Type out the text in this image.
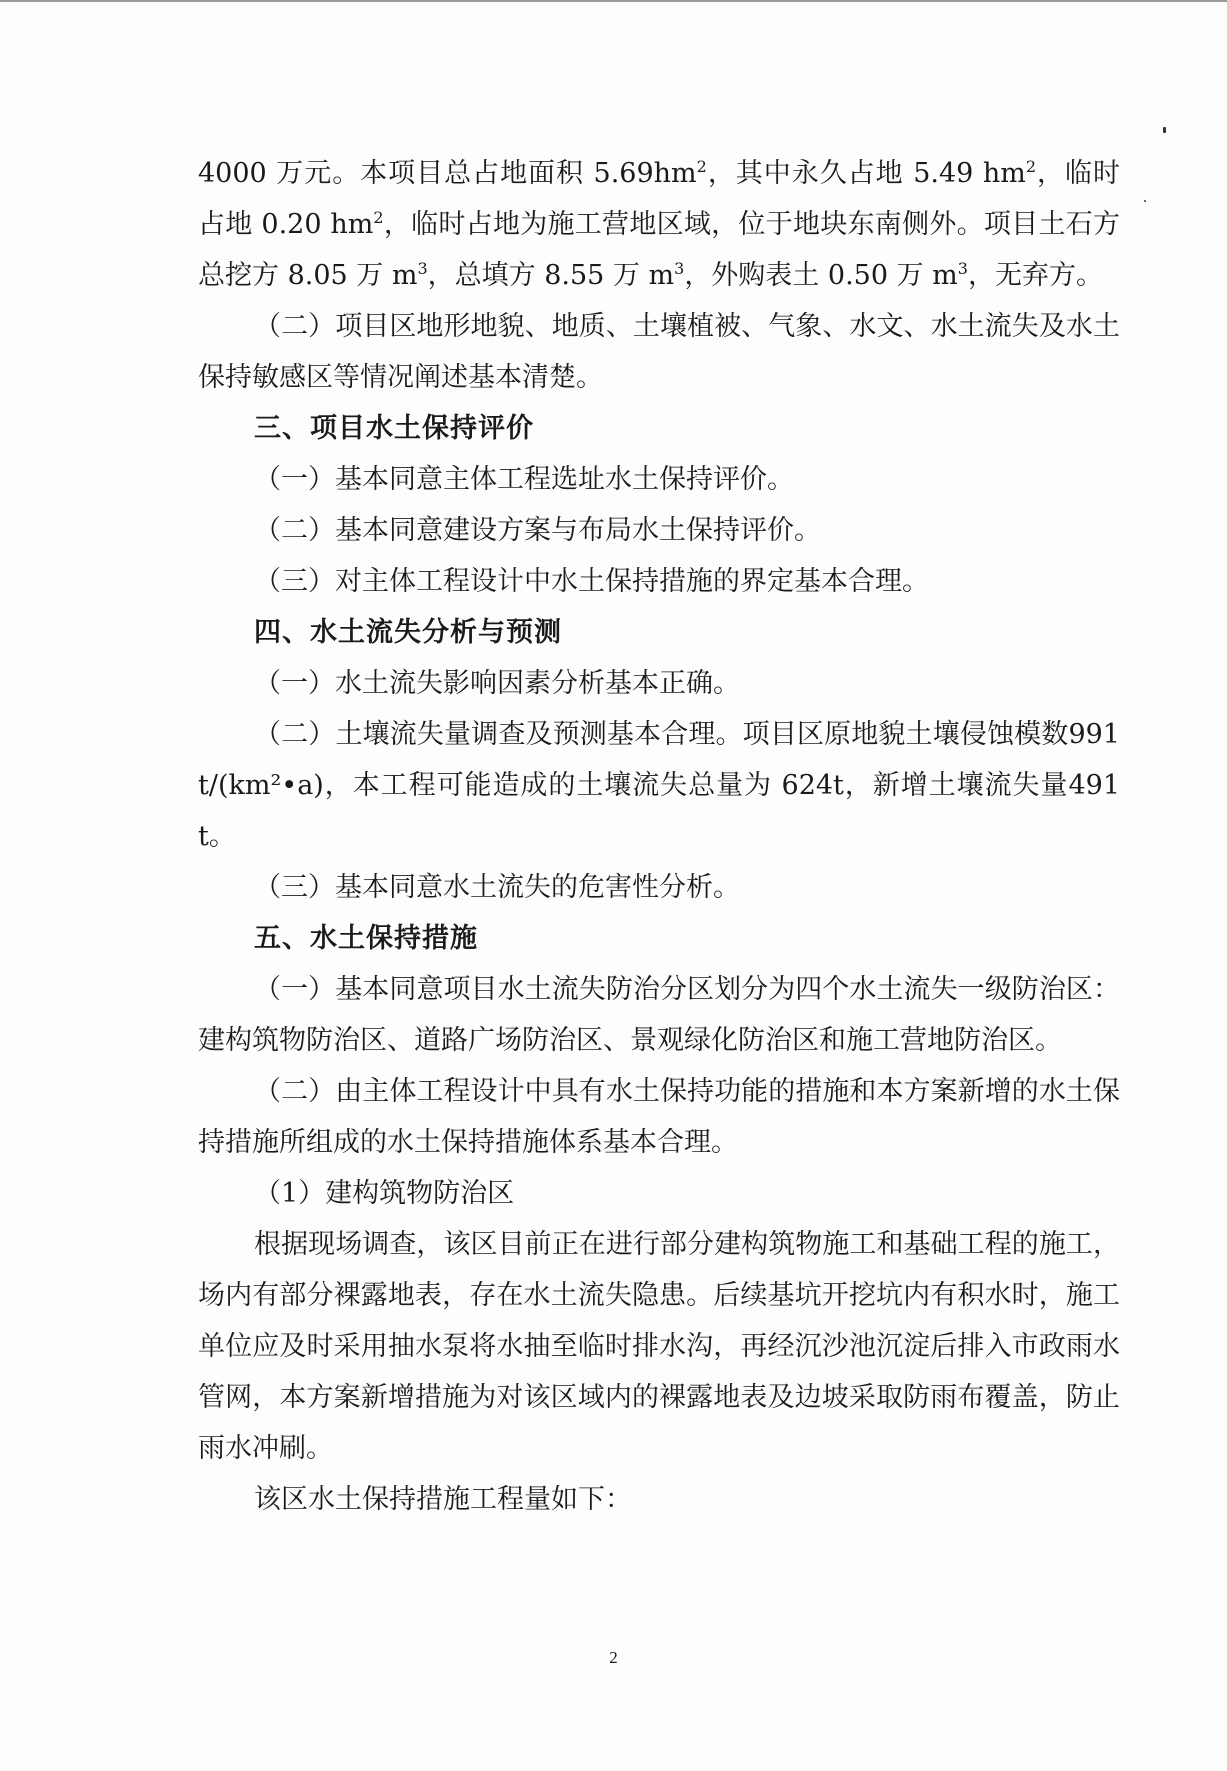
4000 万元。本项目总占地面积 $5.69hm^2$，其中永久占地 5.49 $hm^2$，临时占地 0.20 $hm^2$，临时占地为施工营地区域，位于地块东南侧外。项目土石方总挖方 8.05 万 $m^3$，总填方 8.55 万 $m^3$，外购表土 0.50 万 $m^3$，无弃方。

（二）项目区地形地貌、地质、土壤植被、气象、水文、水土流失及水土保持敏感区等情况阐述基本清楚。

三、项目水土保持评价

（一）基本同意主体工程选址水土保持评价。

（二）基本同意建设方案与布局水土保持评价。

（三）对主体工程设计中水土保持措施的界定基本合理。

四、水土流失分析与预测

（一）水土流失影响因素分析基本正确。

（二）土壤流失量调查及预测基本合理。项目区原地貌土壤侵蚀模数991t/(km²•a)，本工程可能造成的土壤流失总量为 624t，新增土壤流失量491t。

（三）基本同意水土流失的危害性分析。

五、水土保持措施

（一）基本同意项目水土流失防治分区划分为四个水土流失一级防治区：建构筑物防治区、道路广场防治区、景观绿化防治区和施工营地防治区。

（二）由主体工程设计中具有水土保持功能的措施和本方案新增的水土保持措施所组成的水土保持措施体系基本合理。

（1）建构筑物防治区

根据现场调查，该区目前正在进行部分建构筑物施工和基础工程的施工，场内有部分裸露地表，存在水土流失隐患。后续基坑开挖坑内有积水时，施工单位应及时采用抽水泵将水抽至临时排水沟，再经沉沙池沉淀后排入市政雨水管网，本方案新增措施为对该区域内的裸露地表及边坡采取防雨布覆盖，防止雨水冲刷。

该区水土保持措施工程量如下：

2
